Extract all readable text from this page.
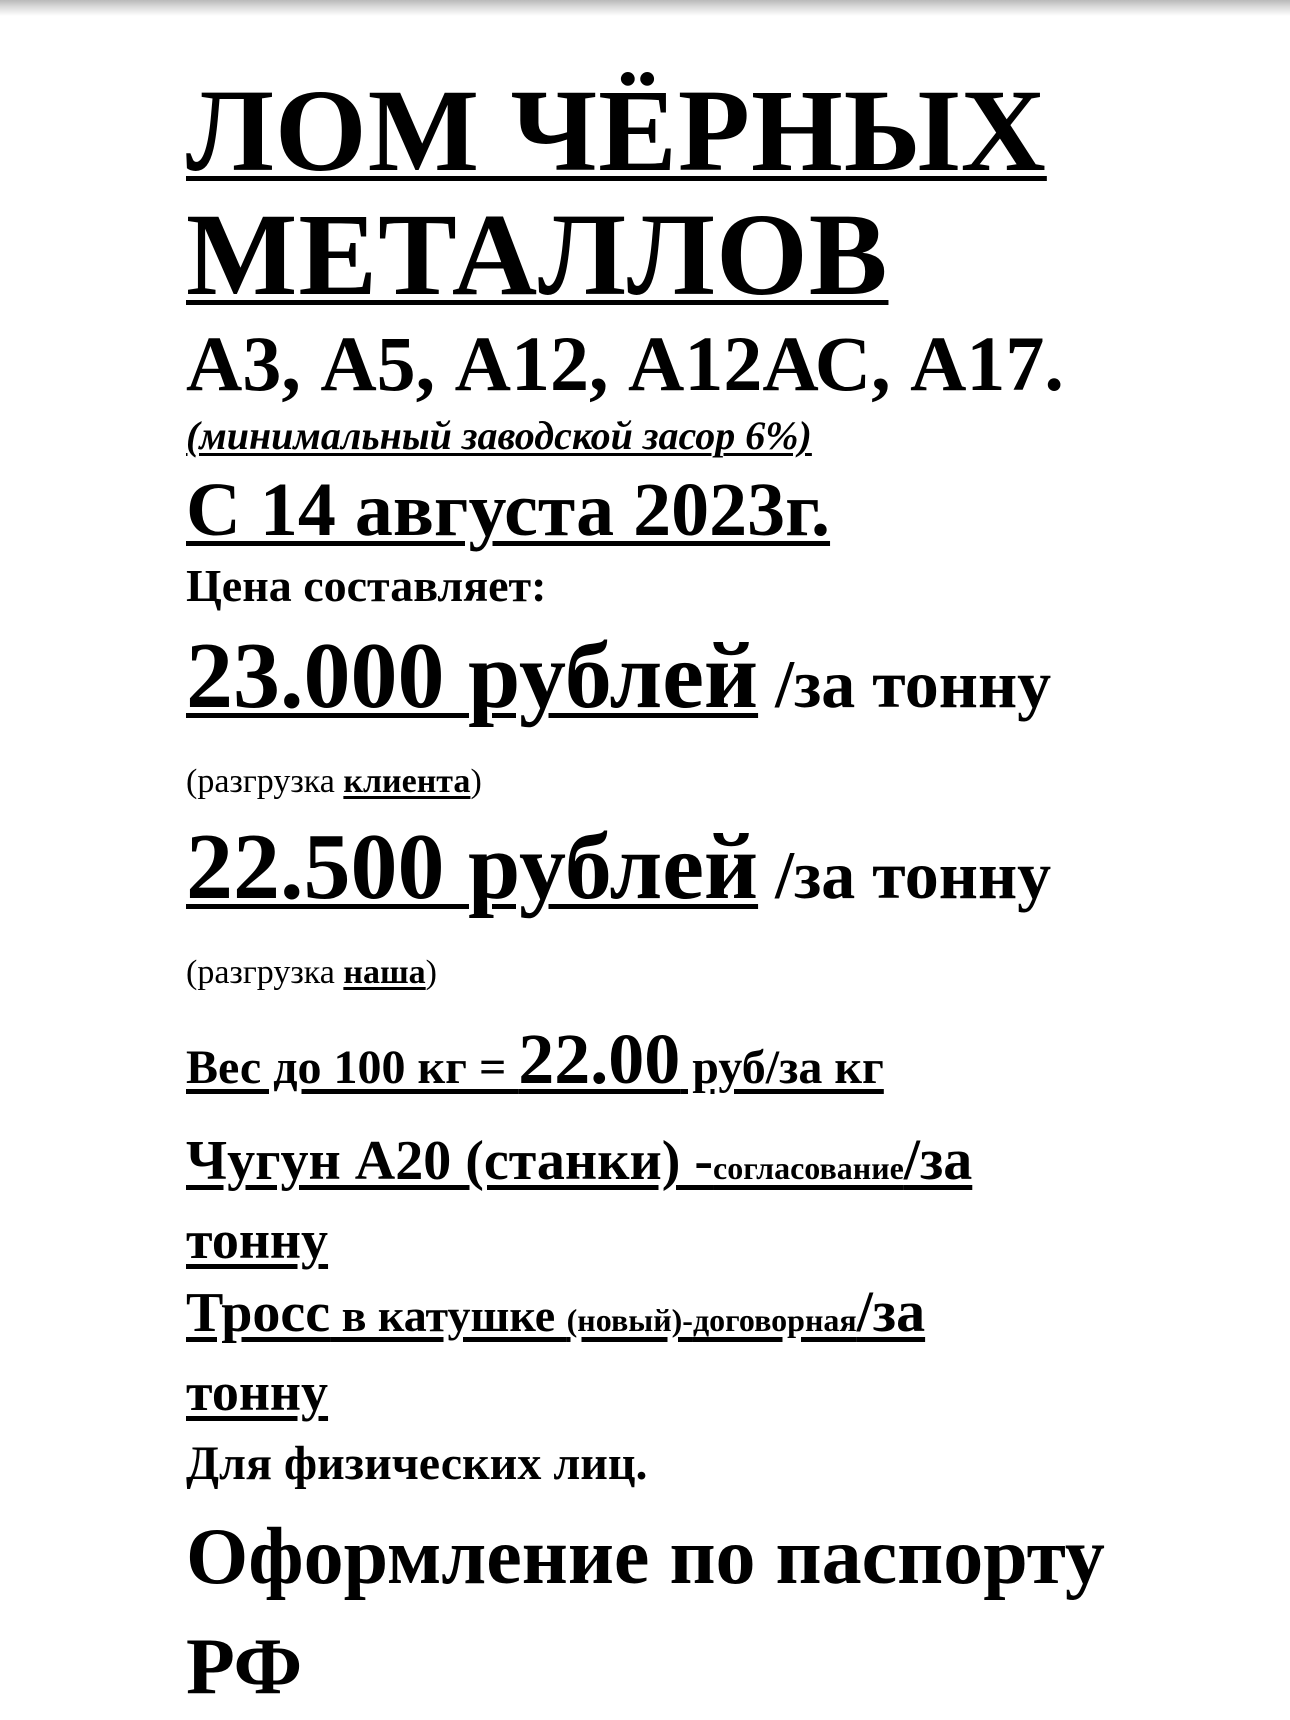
ЛОМ ЧЁРНЫХ
МЕТАЛЛОВ
А3, А5, А12, А12АС, А17.
(минимальный заводской засор 6%)
С 14 августа 2023г.
Цена составляет:
23.000 рублей /за тонну
(разгрузка клиента)
22.500 рублей /за тонну
(разгрузка наша)
Вес до 100 кг = 22.00 руб/за кг
Чугун А20 (станки) -согласование/за
тонну
Тросс в катушке (новый)-договорная/за
тонну
Для физических лиц.
Оформление по паспорту
РФ
